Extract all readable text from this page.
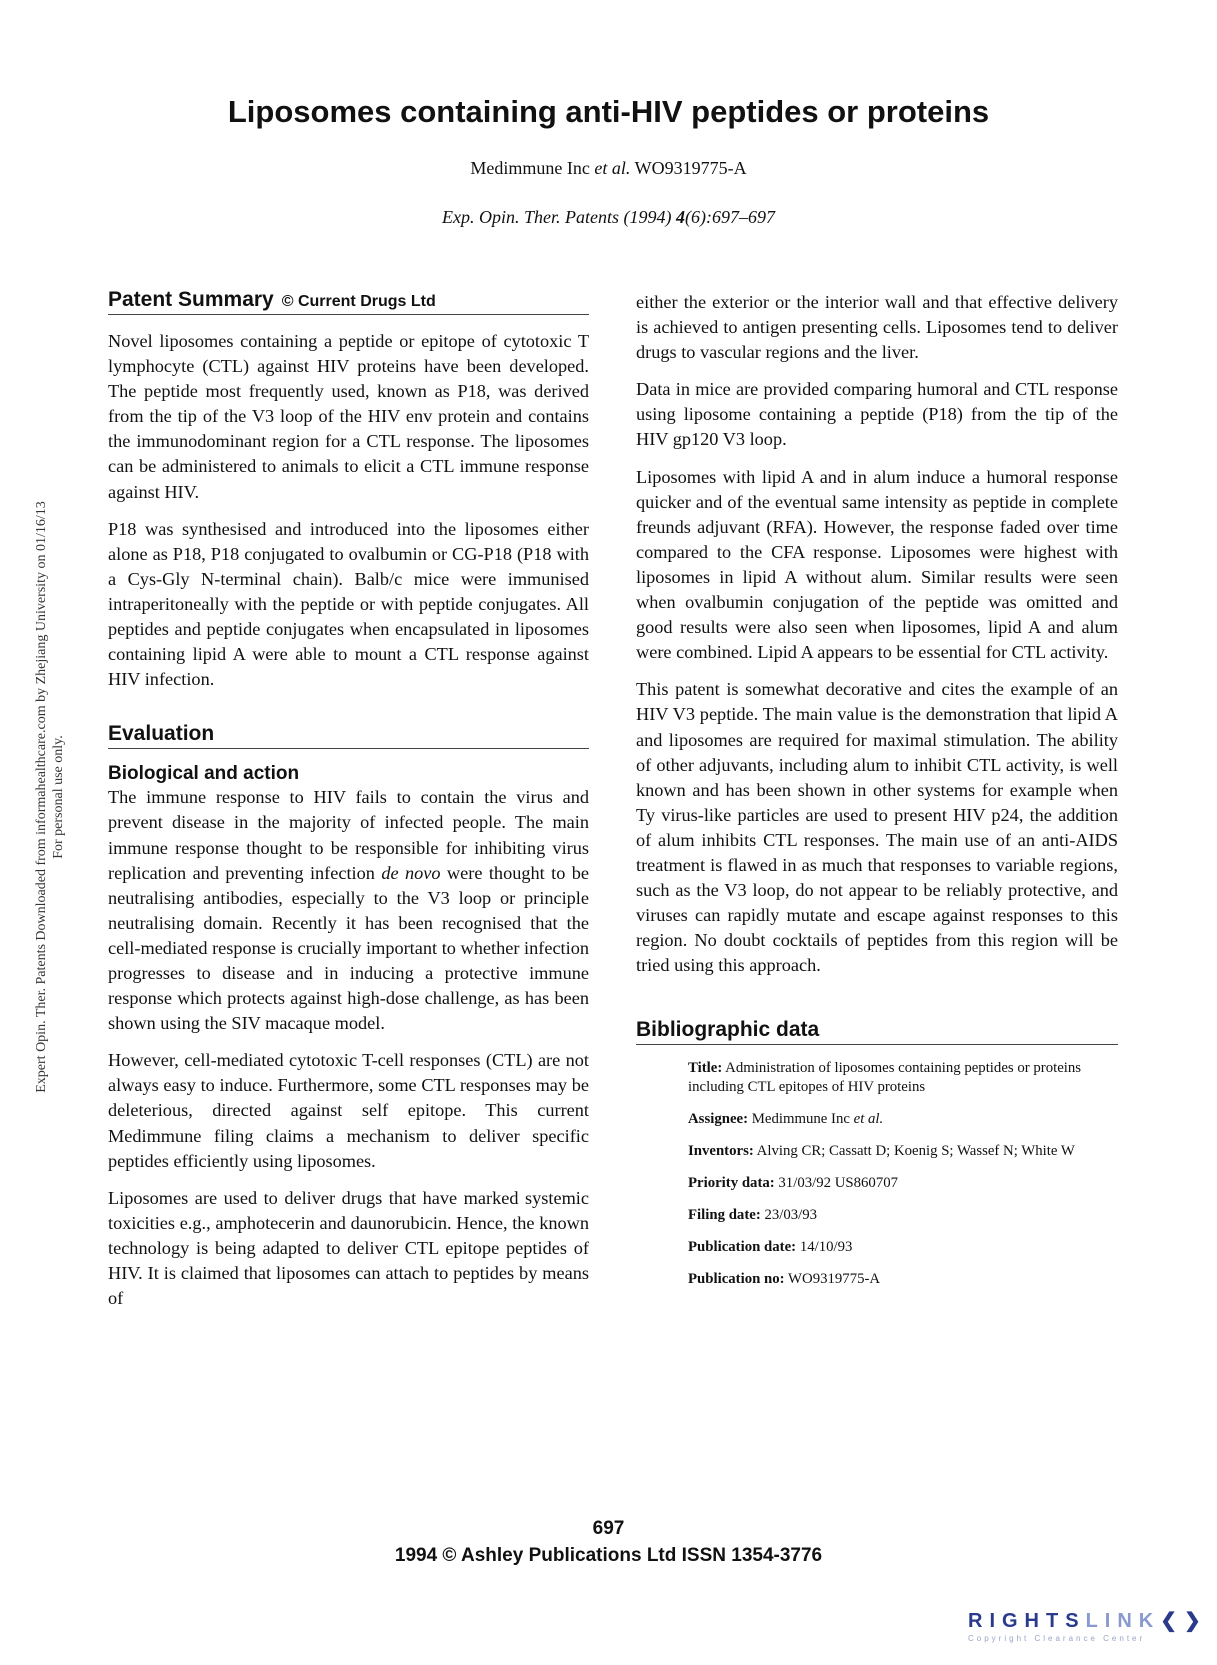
Liposomes containing anti-HIV peptides or proteins
Medimmune Inc et al. WO9319775-A
Exp. Opin. Ther. Patents (1994) 4(6):697–697
Expert Opin. Ther. Patents Downloaded from informahealthcare.com by Zhejiang University on 01/16/13 For personal use only.
Patent Summary © Current Drugs Ltd

Novel liposomes containing a peptide or epitope of cytotoxic T lymphocyte (CTL) against HIV proteins have been developed. The peptide most frequently used, known as P18, was derived from the tip of the V3 loop of the HIV env protein and contains the immunodominant region for a CTL response. The liposomes can be administered to animals to elicit a CTL immune response against HIV.

P18 was synthesised and introduced into the liposomes either alone as P18, P18 conjugated to ovalbumin or CG-P18 (P18 with a Cys-Gly N-terminal chain). Balb/c mice were immunised intraperitoneally with the peptide or with peptide conjugates. All peptides and peptide conjugates when encapsulated in liposomes containing lipid A were able to mount a CTL response against HIV infection.

Evaluation
Biological and action

The immune response to HIV fails to contain the virus and prevent disease in the majority of infected people. The main immune response thought to be responsible for inhibiting virus replication and preventing infection de novo were thought to be neutralising antibodies, especially to the V3 loop or principle neutralising domain. Recently it has been recognised that the cell-mediated response is crucially important to whether infection progresses to disease and in inducing a protective immune response which protects against high-dose challenge, as has been shown using the SIV macaque model.

However, cell-mediated cytotoxic T-cell responses (CTL) are not always easy to induce. Furthermore, some CTL responses may be deleterious, directed against self epitope. This current Medimmune filing claims a mechanism to deliver specific peptides efficiently using liposomes.

Liposomes are used to deliver drugs that have marked systemic toxicities e.g., amphotecerin and daunorubicin. Hence, the known technology is being adapted to deliver CTL epitope peptides of HIV. It is claimed that liposomes can attach to peptides by means of

either the exterior or the interior wall and that effective delivery is achieved to antigen presenting cells. Liposomes tend to deliver drugs to vascular regions and the liver.

Data in mice are provided comparing humoral and CTL response using liposome containing a peptide (P18) from the tip of the HIV gp120 V3 loop.

Liposomes with lipid A and in alum induce a humoral response quicker and of the eventual same intensity as peptide in complete freunds adjuvant (RFA). However, the response faded over time compared to the CFA response. Liposomes were highest with liposomes in lipid A without alum. Similar results were seen when ovalbumin conjugation of the peptide was omitted and good results were also seen when liposomes, lipid A and alum were combined. Lipid A appears to be essential for CTL activity.

This patent is somewhat decorative and cites the example of an HIV V3 peptide. The main value is the demonstration that lipid A and liposomes are required for maximal stimulation. The ability of other adjuvants, including alum to inhibit CTL activity, is well known and has been shown in other systems for example when Ty virus-like particles are used to present HIV p24, the addition of alum inhibits CTL responses. The main use of an anti-AIDS treatment is flawed in as much that responses to variable regions, such as the V3 loop, do not appear to be reliably protective, and viruses can rapidly mutate and escape against responses to this region. No doubt cocktails of peptides from this region will be tried using this approach.

Bibliographic data
Title: Administration of liposomes containing peptides or proteins including CTL epitopes of HIV proteins
Assignee: Medimmune Inc et al.
Inventors: Alving CR; Cassatt D; Koenig S; Wassef N; White W
Priority data: 31/03/92 US860707
Filing date: 23/03/93
Publication date: 14/10/93
Publication no: WO9319775-A
697
1994 © Ashley Publications Ltd ISSN 1354-3776
RIGHTSLINK❮❯
Copyright Clearance Center
